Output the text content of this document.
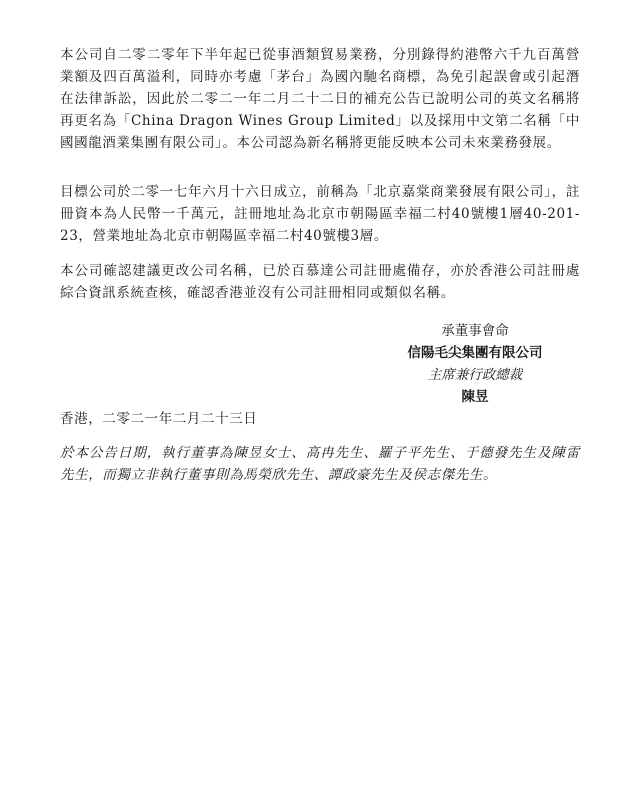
本公司自二零二零年下半年起已從事酒類貿易業務，分別錄得約港幣六千九百萬營業額及四百萬溢利，同時亦考慮「茅台」為國內馳名商標，為免引起誤會或引起潛在法律訴訟，因此於二零二一年二月二十二日的補充公告已說明公司的英文名稱將再更名為「China Dragon Wines Group Limited」以及採用中文第二名稱「中國國龍酒業集團有限公司」。本公司認為新名稱將更能反映本公司未來業務發展。

目標公司於二零一七年六月十六日成立，前稱為「北京嘉棠商業發展有限公司」，註冊資本為人民幣一千萬元，註冊地址為北京市朝陽區幸福二村40號樓1層40-201-23，營業地址為北京市朝陽區幸福二村40號樓3層。

本公司確認建議更改公司名稱，已於百慕達公司註冊處備存，亦於香港公司註冊處綜合資訊系統查核，確認香港並沒有公司註冊相同或類似名稱。

承董事會命
信陽毛尖集團有限公司
主席兼行政總裁
陳昱
香港，二零二一年二月二十三日

於本公告日期，執行董事為陳昱女士、高冉先生、羅子平先生、于德發先生及陳雷先生，而獨立非執行董事則為馬榮欣先生、譚政豪先生及侯志傑先生。
